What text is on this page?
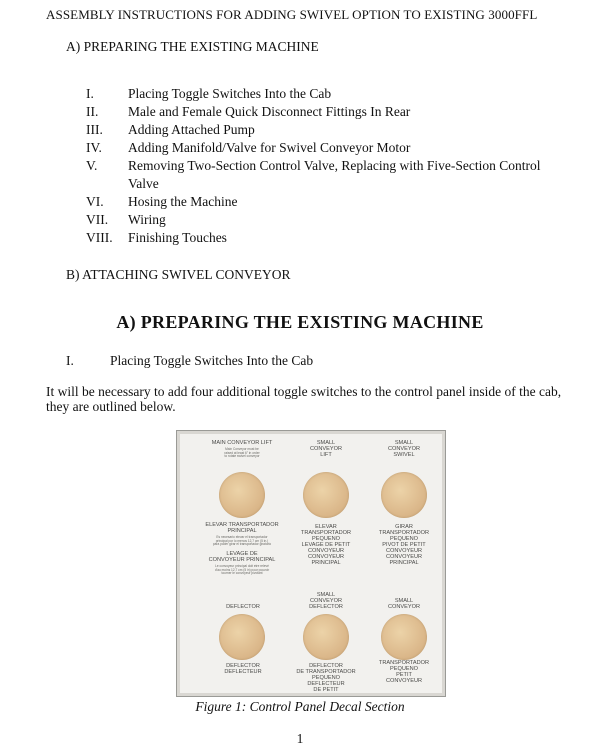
ASSEMBLY INSTRUCTIONS FOR ADDING SWIVEL OPTION TO EXISTING 3000FFL
A) PREPARING THE EXISTING MACHINE
I.	Placing Toggle Switches Into the Cab
II.	Male and Female Quick Disconnect Fittings In Rear
III.	Adding Attached Pump
IV.	Adding Manifold/Valve for Swivel Conveyor Motor
V.	Removing Two-Section Control Valve, Replacing with Five-Section Control Valve
VI.	Hosing the Machine
VII.	Wiring
VIII.	Finishing Touches
B) ATTACHING SWIVEL CONVEYOR
A) PREPARING THE EXISTING MACHINE
I.	Placing Toggle Switches Into the Cab
It will be necessary to add four additional toggle switches to the control panel inside of the cab, they are outlined below.
MAIN CONVEYOR LIFT
Main Conveyor must be
raised at least 6" in order
to rotate swivel conveyor
SMALL
CONVEYOR
LIFT
SMALL
CONVEYOR
SWIVEL
ELEVAR TRANSPORTADOR
PRINCIPAL
Es necesario elevar el transportador
principal por lo menos 12,7 cm (5 in.)
para poder girar el transportador giratorio
LEVAGE DE
CONVOYEUR PRINCIPAL
Le convoyeur principal doit etre relevé
d'au moins 12,7 cm (5 in) pour pouvoir
tourner le convoyeur pivotant
ELEVAR
TRANSPORTADOR
PEQUENO
LEVAGE DE PETIT
CONVOYEUR
CONVOYEUR
PRINCIPAL
GIRAR
TRANSPORTADOR
PEQUENO
PIVOT DE PETIT
CONVOYEUR
CONVOYEUR
PRINCIPAL
DEFLECTOR
SMALL
CONVEYOR
DEFLECTOR
SMALL
CONVEYOR
DEFLECTOR
DEFLECTEUR
DEFLECTOR
DE TRANSPORTADOR
PEQUENO
DEFLECTEUR
DE PETIT
TRANSPORTADOR
PEQUENO
PETIT
CONVOYEUR
Figure 1: Control Panel Decal Section
1
